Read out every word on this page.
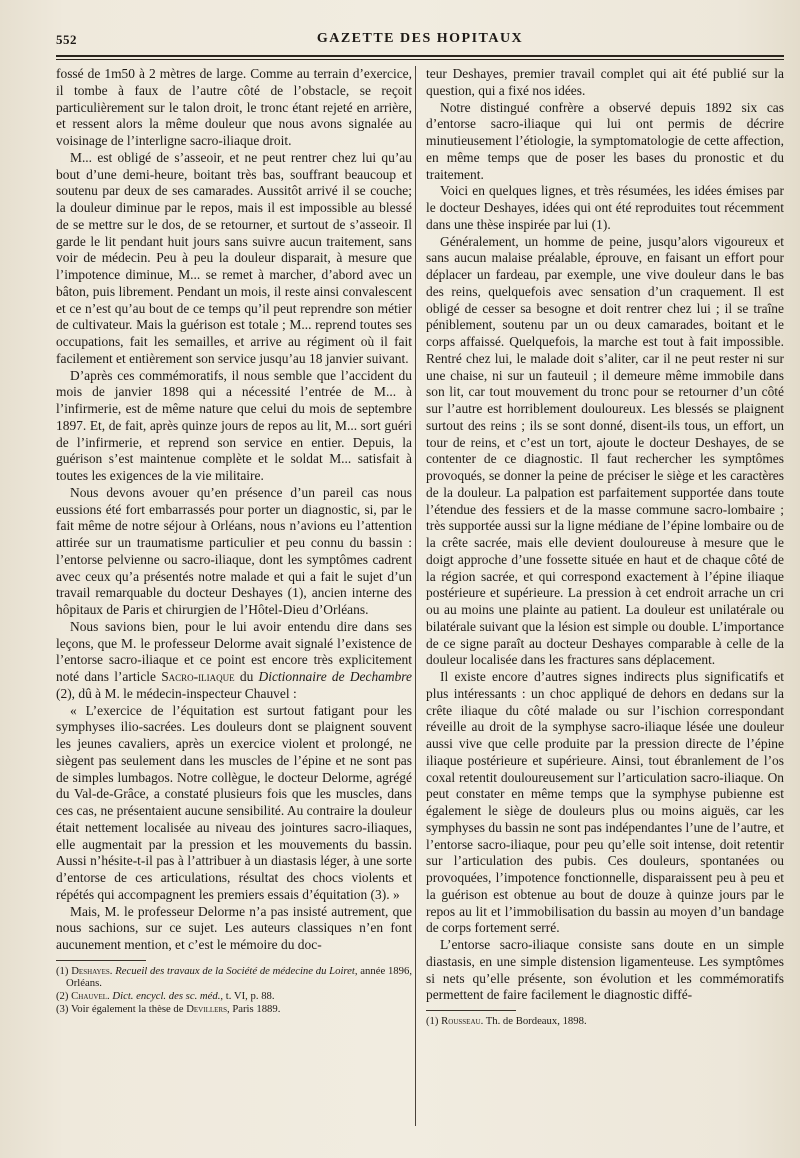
552	GAZETTE DES HOPITAUX

fossé de 1m50 à 2 mètres de large. Comme au terrain d’exercice, il tombe à faux de l’autre côté de l’obstacle, se reçoit particulièrement sur le talon droit, le tronc étant rejeté en arrière, et ressent alors la même douleur que nous avons signalée au voisinage de l’interligne sacro-iliaque droit.

M... est obligé de s’asseoir, et ne peut rentrer chez lui qu’au bout d’une demi-heure, boitant très bas, souffrant beaucoup et soutenu par deux de ses camarades. Aussitôt arrivé il se couche; la douleur diminue par le repos, mais il est impossible au blessé de se mettre sur le dos, de se retourner, et surtout de s’asseoir. Il garde le lit pendant huit jours sans suivre aucun traitement, sans voir de médecin. Peu à peu la douleur disparait, à mesure que l’impotence diminue, M... se remet à marcher, d’abord avec un bâton, puis librement. Pendant un mois, il reste ainsi convalescent et ce n’est qu’au bout de ce temps qu’il peut reprendre son métier de cultivateur. Mais la guérison est totale ; M... reprend toutes ses occupations, fait les semailles, et arrive au régiment où il fait facilement et entièrement son service jusqu’au 18 janvier suivant.

D’après ces commémoratifs, il nous semble que l’accident du mois de janvier 1898 qui a nécessité l’entrée de M... à l’infirmerie, est de même nature que celui du mois de septembre 1897. Et, de fait, après quinze jours de repos au lit, M... sort guéri de l’infirmerie, et reprend son service en entier. Depuis, la guérison s’est maintenue complète et le soldat M... satisfait à toutes les exigences de la vie militaire.

Nous devons avouer qu’en présence d’un pareil cas nous eussions été fort embarrassés pour porter un diagnostic, si, par le fait même de notre séjour à Orléans, nous n’avions eu l’attention attirée sur un traumatisme particulier et peu connu du bassin : l’entorse pelvienne ou sacro-iliaque, dont les symptômes cadrent avec ceux qu’a présentés notre malade et qui a fait le sujet d’un travail remarquable du docteur Deshayes (1), ancien interne des hôpitaux de Paris et chirurgien de l’Hôtel-Dieu d’Orléans.

Nous savions bien, pour le lui avoir entendu dire dans ses leçons, que M. le professeur Delorme avait signalé l’existence de l’entorse sacro-iliaque et ce point est encore très explicitement noté dans l’article Sacro-iliaque du Dictionnaire de Dechambre (2), dû à M. le médecin-inspecteur Chauvel :

« L’exercice de l’équitation est surtout fatigant pour les symphyses ilio-sacrées. Les douleurs dont se plaignent souvent les jeunes cavaliers, après un exercice violent et prolongé, ne siègent pas seulement dans les muscles de l’épine et ne sont pas de simples lumbagos. Notre collègue, le docteur Delorme, agrégé du Val-de-Grâce, a constaté plusieurs fois que les muscles, dans ces cas, ne présentaient aucune sensibilité. Au contraire la douleur était nettement localisée au niveau des jointures sacro-iliaques, elle augmentait par la pression et les mouvements du bassin. Aussi n’hésite-t-il pas à l’attribuer à un diastasis léger, à une sorte d’entorse de ces articulations, résultat des chocs violents et répétés qui accompagnent les premiers essais d’équitation (3). »

Mais, M. le professeur Delorme n’a pas insisté autrement, que nous sachions, sur ce sujet. Les auteurs classiques n’en font aucunement mention, et c’est le mémoire du doc-

(1) Deshayes. Recueil des travaux de la Société de médecine du Loiret, année 1896, Orléans.

(2) Chauvel. Dict. encycl. des sc. méd., t. VI, p. 88.

(3) Voir également la thèse de Devillers, Paris 1889.

teur Deshayes, premier travail complet qui ait été publié sur la question, qui a fixé nos idées.

Notre distingué confrère a observé depuis 1892 six cas d’entorse sacro-iliaque qui lui ont permis de décrire minutieusement l’étiologie, la symptomatologie de cette affection, en même temps que de poser les bases du pronostic et du traitement.

Voici en quelques lignes, et très résumées, les idées émises par le docteur Deshayes, idées qui ont été reproduites tout récemment dans une thèse inspirée par lui (1).

Généralement, un homme de peine, jusqu’alors vigoureux et sans aucun malaise préalable, éprouve, en faisant un effort pour déplacer un fardeau, par exemple, une vive douleur dans le bas des reins, quelquefois avec sensation d’un craquement. Il est obligé de cesser sa besogne et doit rentrer chez lui ; il se traîne péniblement, soutenu par un ou deux camarades, boitant et le corps affaissé. Quelquefois, la marche est tout à fait impossible. Rentré chez lui, le malade doit s’aliter, car il ne peut rester ni sur une chaise, ni sur un fauteuil ; il demeure même immobile dans son lit, car tout mouvement du tronc pour se retourner d’un côté sur l’autre est horriblement douloureux. Les blessés se plaignent surtout des reins ; ils se sont donné, disent-ils tous, un effort, un tour de reins, et c’est un tort, ajoute le docteur Deshayes, de se contenter de ce diagnostic. Il faut rechercher les symptômes provoqués, se donner la peine de préciser le siège et les caractères de la douleur. La palpation est parfaitement supportée dans toute l’étendue des fessiers et de la masse commune sacro-lombaire ; très supportée aussi sur la ligne médiane de l’épine lombaire ou de la crête sacrée, mais elle devient douloureuse à mesure que le doigt approche d’une fossette située en haut et de chaque côté de la région sacrée, et qui correspond exactement à l’épine iliaque postérieure et supérieure. La pression à cet endroit arrache un cri ou au moins une plainte au patient. La douleur est unilatérale ou bilatérale suivant que la lésion est simple ou double. L’importance de ce signe paraît au docteur Deshayes comparable à celle de la douleur localisée dans les fractures sans déplacement.

Il existe encore d’autres signes indirects plus significatifs et plus intéressants : un choc appliqué de dehors en dedans sur la crête iliaque du côté malade ou sur l’ischion correspondant réveille au droit de la symphyse sacro-iliaque lésée une douleur aussi vive que celle produite par la pression directe de l’épine iliaque postérieure et supérieure. Ainsi, tout ébranlement de l’os coxal retentit douloureusement sur l’articulation sacro-iliaque. On peut constater en même temps que la symphyse pubienne est également le siège de douleurs plus ou moins aiguës, car les symphyses du bassin ne sont pas indépendantes l’une de l’autre, et l’entorse sacro-iliaque, pour peu qu’elle soit intense, doit retentir sur l’articulation des pubis. Ces douleurs, spontanées ou provoquées, l’impotence fonctionnelle, disparaissent peu à peu et la guérison est obtenue au bout de douze à quinze jours par le repos au lit et l’immobilisation du bassin au moyen d’un bandage de corps fortement serré.

L’entorse sacro-iliaque consiste sans doute en un simple diastasis, en une simple distension ligamenteuse. Les symptômes si nets qu’elle présente, son évolution et les commémoratifs permettent de faire facilement le diagnostic diffé-

(1) Rousseau. Th. de Bordeaux, 1898.
